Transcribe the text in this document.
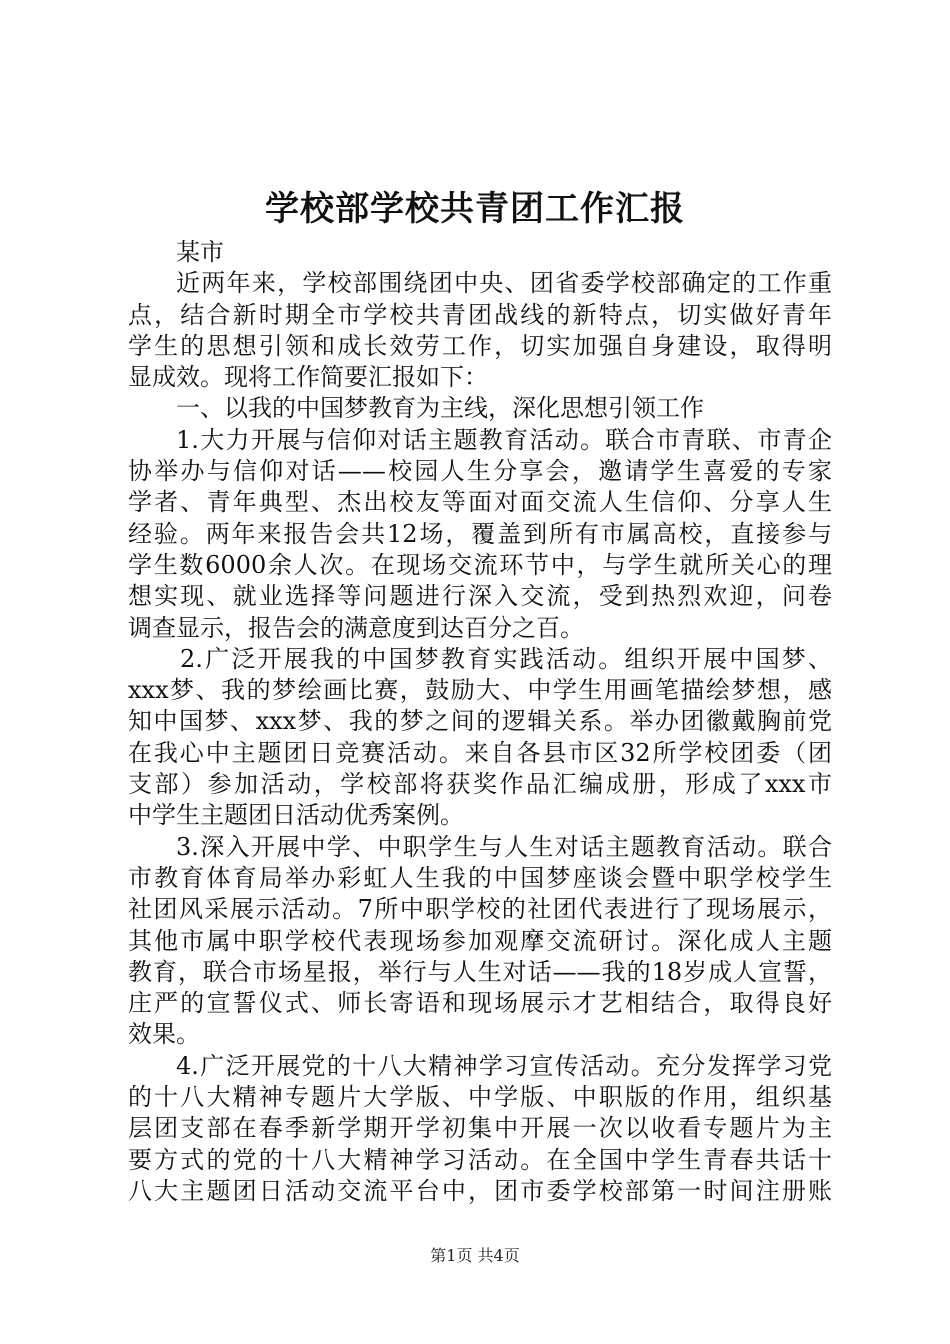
学校部学校共青团工作汇报
某市
近两年来，学校部围绕团中央、团省委学校部确定的工作重
点，结合新时期全市学校共青团战线的新特点，切实做好青年
学生的思想引领和成长效劳工作，切实加强自身建设，取得明
显成效。现将工作简要汇报如下：
一、以我的中国梦教育为主线，深化思想引领工作
1.大力开展与信仰对话主题教育活动。联合市青联、市青企
协举办与信仰对话——校园人生分享会，邀请学生喜爱的专家
学者、青年典型、杰出校友等面对面交流人生信仰、分享人生
经验。两年来报告会共12场，覆盖到所有市属高校，直接参与
学生数6000余人次。在现场交流环节中，与学生就所关心的理
想实现、就业选择等问题进行深入交流，受到热烈欢迎，问卷
调查显示，报告会的满意度到达百分之百。
2.广泛开展我的中国梦教育实践活动。组织开展中国梦、
xxx梦、我的梦绘画比赛，鼓励大、中学生用画笔描绘梦想，感
知中国梦、xxx梦、我的梦之间的逻辑关系。举办团徽戴胸前党
在我心中主题团日竞赛活动。来自各县市区32所学校团委（团
支部）参加活动，学校部将获奖作品汇编成册，形成了xxx市
中学生主题团日活动优秀案例。
3.深入开展中学、中职学生与人生对话主题教育活动。联合
市教育体育局举办彩虹人生我的中国梦座谈会暨中职学校学生
社团风采展示活动。7所中职学校的社团代表进行了现场展示，
其他市属中职学校代表现场参加观摩交流研讨。深化成人主题
教育，联合市场星报，举行与人生对话——我的18岁成人宣誓，
庄严的宣誓仪式、师长寄语和现场展示才艺相结合，取得良好
效果。
4.广泛开展党的十八大精神学习宣传活动。充分发挥学习党
的十八大精神专题片大学版、中学版、中职版的作用，组织基
层团支部在春季新学期开学初集中开展一次以收看专题片为主
要方式的党的十八大精神学习活动。在全国中学生青春共话十
八大主题团日活动交流平台中，团市委学校部第一时间注册账
第1页 共4页
